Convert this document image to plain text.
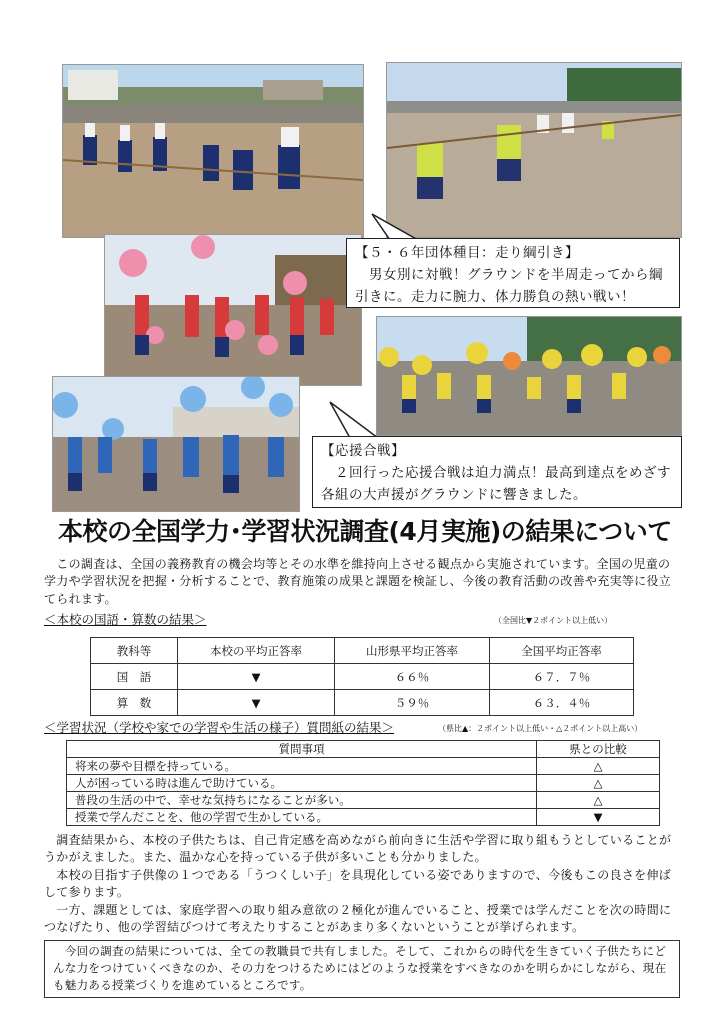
【５・６年団体種目：走り綱引き】
　男女別に対戦！グラウンドを半周走ってから綱引きに。走力に腕力、体力勝負の熱い戦い！
【応援合戦】
　２回行った応援合戦は迫力満点！最高到達点をめざす各組の大声援がグラウンドに響きました。
本校の全国学力･学習状況調査(4月実施)の結果について
　この調査は、全国の義務教育の機会均等とその水準を維持向上させる観点から実施されています。全国の児童の学力や学習状況を把握・分析することで、教育施策の成果と課題を検証し、今後の教育活動の改善や充実等に役立てられます。
＜本校の国語・算数の結果＞	（全国比▼２ポイント以上低い）
教科等	本校の平均正答率	山形県平均正答率	全国平均正答率
国　語	▼	６６％	６７．７％
算　数	▼	５９％	６３．４％
＜学習状況（学校や家での学習や生活の様子）質問紙の結果＞	（県比▲：２ポイント以上低い・△２ポイント以上高い）
質問事項	県との比較
将来の夢や目標を持っている。	△
人が困っている時は進んで助けている。	△
普段の生活の中で、幸せな気持ちになることが多い。	△
授業で学んだことを、他の学習で生かしている。	▼
　調査結果から、本校の子供たちは、自己肯定感を高めながら前向きに生活や学習に取り組もうとしていることがうかがえました。また、温かな心を持っている子供が多いことも分かりました。
　本校の目指す子供像の１つである「うつくしい子」を具現化している姿でありますので、今後もこの良さを伸ばして参ります。
　一方、課題としては、家庭学習への取り組み意欲の２極化が進んでいること、授業では学んだことを次の時間につなげたり、他の学習結びつけて考えたりすることがあまり多くないということが挙げられます。
　今回の調査の結果については、全ての教職員で共有しました。そして、これからの時代を生きていく子供たちにどんな力をつけていくべきなのか、その力をつけるためにはどのような授業をすべきなのかを明らかにしながら、現在も魅力ある授業づくりを進めているところです。
